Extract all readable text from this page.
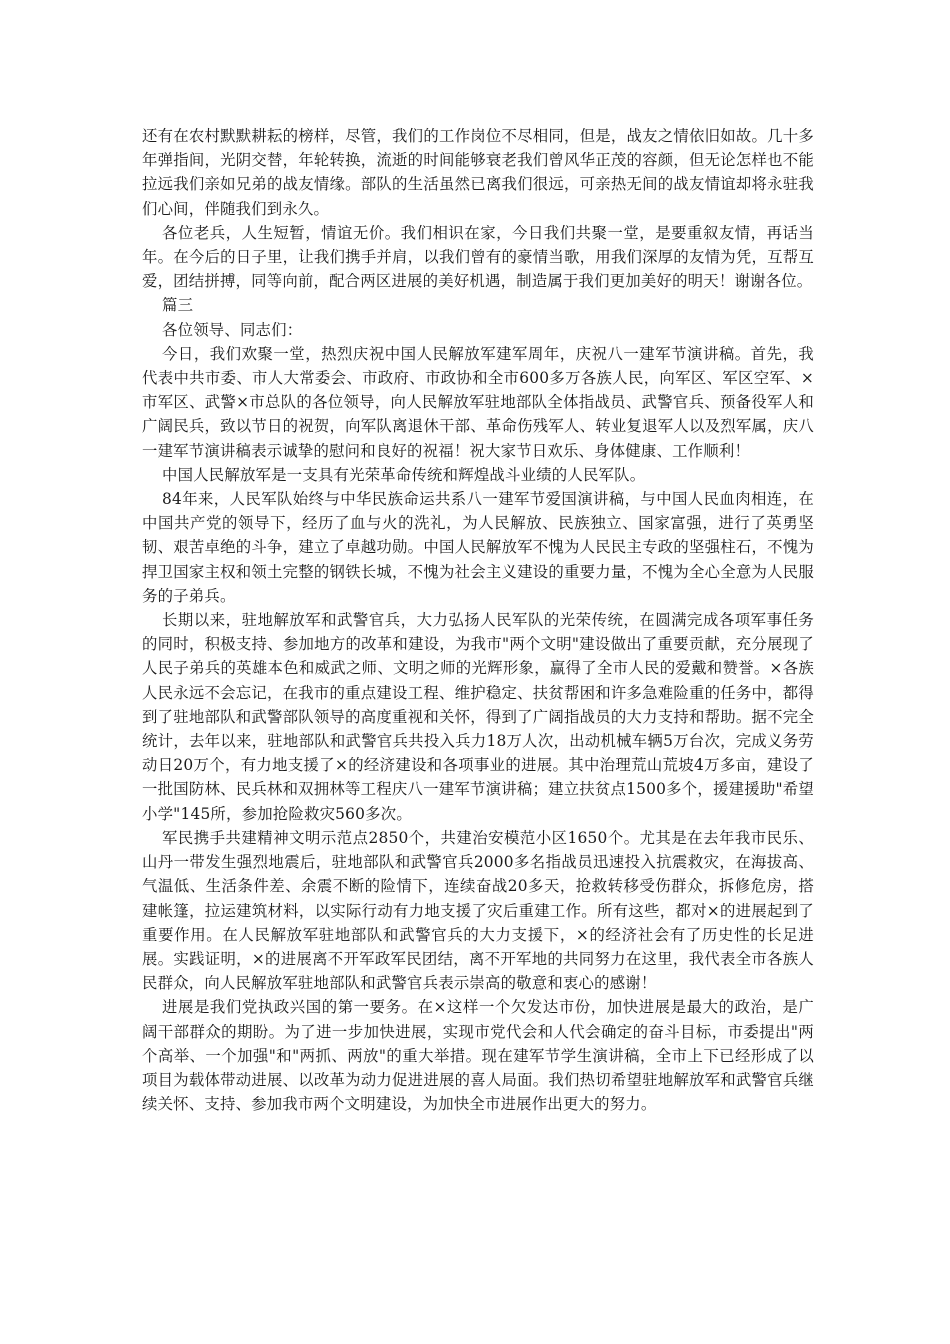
还有在农村默默耕耘的榜样，尽管，我们的工作岗位不尽相同，但是，战友之情依旧如故。几十多年弹指间，光阴交替，年轮转换，流逝的时间能够衰老我们曾风华正茂的容颜，但无论怎样也不能拉远我们亲如兄弟的战友情缘。部队的生活虽然已离我们很远，可亲热无间的战友情谊却将永驻我们心间，伴随我们到永久。

各位老兵，人生短暂，情谊无价。我们相识在家，今日我们共聚一堂，是要重叙友情，再话当年。在今后的日子里，让我们携手并肩，以我们曾有的豪情当歌，用我们深厚的友情为凭，互帮互爱，团结拼搏，同等向前，配合两区进展的美好机遇，制造属于我们更加美好的明天！谢谢各位。

篇三

各位领导、同志们：

今日，我们欢聚一堂，热烈庆祝中国人民解放军建军周年，庆祝八一建军节演讲稿。首先，我代表中共市委、市人大常委会、市政府、市政协和全市600多万各族人民，向军区、军区空军、×市军区、武警×市总队的各位领导，向人民解放军驻地部队全体指战员、武警官兵、预备役军人和广阔民兵，致以节日的祝贺，向军队离退休干部、革命伤残军人、转业复退军人以及烈军属，庆八一建军节演讲稿表示诚挚的慰问和良好的祝福！祝大家节日欢乐、身体健康、工作顺利！

中国人民解放军是一支具有光荣革命传统和辉煌战斗业绩的人民军队。

84年来，人民军队始终与中华民族命运共系八一建军节爱国演讲稿，与中国人民血肉相连，在中国共产党的领导下，经历了血与火的洗礼，为人民解放、民族独立、国家富强，进行了英勇坚韧、艰苦卓绝的斗争，建立了卓越功勋。中国人民解放军不愧为人民民主专政的坚强柱石，不愧为捍卫国家主权和领土完整的钢铁长城，不愧为社会主义建设的重要力量，不愧为全心全意为人民服务的子弟兵。

长期以来，驻地解放军和武警官兵，大力弘扬人民军队的光荣传统，在圆满完成各项军事任务的同时，积极支持、参加地方的改革和建设，为我市"两个文明"建设做出了重要贡献，充分展现了人民子弟兵的英雄本色和威武之师、文明之师的光辉形象，赢得了全市人民的爱戴和赞誉。×各族人民永远不会忘记，在我市的重点建设工程、维护稳定、扶贫帮困和许多急难险重的任务中，都得到了驻地部队和武警部队领导的高度重视和关怀，得到了广阔指战员的大力支持和帮助。据不完全统计，去年以来，驻地部队和武警官兵共投入兵力18万人次，出动机械车辆5万台次，完成义务劳动日20万个，有力地支援了×的经济建设和各项事业的进展。其中治理荒山荒坡4万多亩，建设了一批国防林、民兵林和双拥林等工程庆八一建军节演讲稿；建立扶贫点1500多个，援建援助"希望小学"145所，参加抢险救灾560多次。

军民携手共建精神文明示范点2850个，共建治安模范小区1650个。尤其是在去年我市民乐、山丹一带发生强烈地震后，驻地部队和武警官兵2000多名指战员迅速投入抗震救灾，在海拔高、气温低、生活条件差、余震不断的险情下，连续奋战20多天，抢救转移受伤群众，拆修危房，搭建帐篷，拉运建筑材料，以实际行动有力地支援了灾后重建工作。所有这些，都对×的进展起到了重要作用。在人民解放军驻地部队和武警官兵的大力支援下，×的经济社会有了历史性的长足进展。实践证明，×的进展离不开军政军民团结，离不开军地的共同努力在这里，我代表全市各族人民群众，向人民解放军驻地部队和武警官兵表示崇高的敬意和衷心的感谢！

进展是我们党执政兴国的第一要务。在×这样一个欠发达市份，加快进展是最大的政治，是广阔干部群众的期盼。为了进一步加快进展，实现市党代会和人代会确定的奋斗目标，市委提出"两个高举、一个加强"和"两抓、两放"的重大举措。现在建军节学生演讲稿，全市上下已经形成了以项目为载体带动进展、以改革为动力促进进展的喜人局面。我们热切希望驻地解放军和武警官兵继续关怀、支持、参加我市两个文明建设，为加快全市进展作出更大的努力。
